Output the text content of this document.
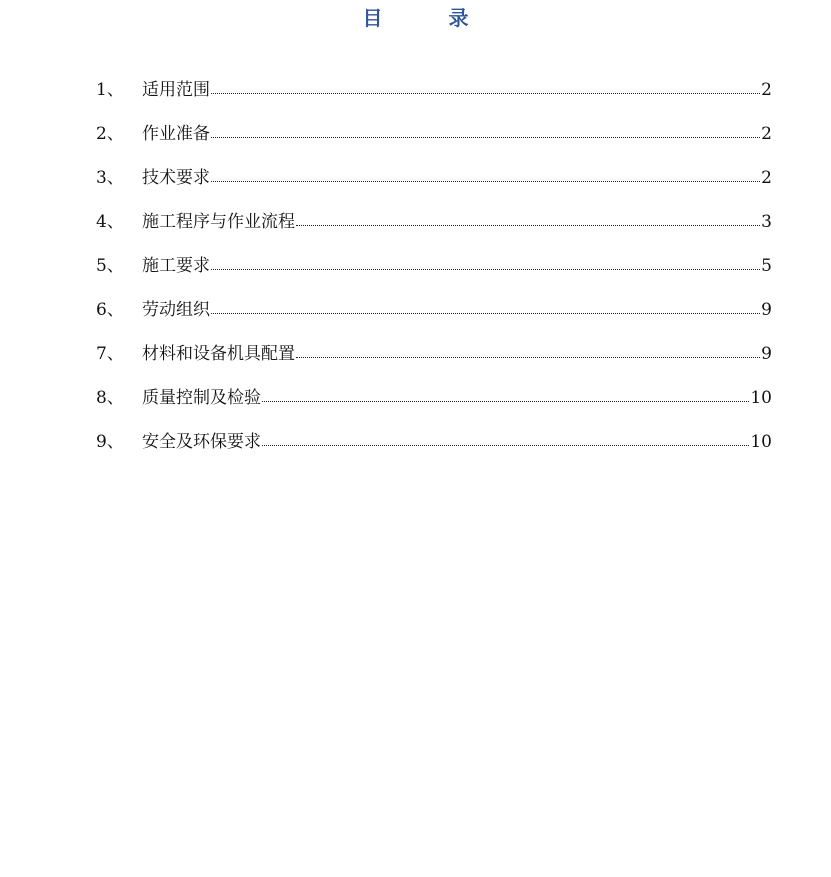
目	录
1、	适用范围	2
2、	作业准备	2
3、	技术要求	2
4、	施工程序与作业流程	3
5、	施工要求	5
6、	劳动组织	9
7、	材料和设备机具配置	9
8、	质量控制及检验	10
9、	安全及环保要求	10
